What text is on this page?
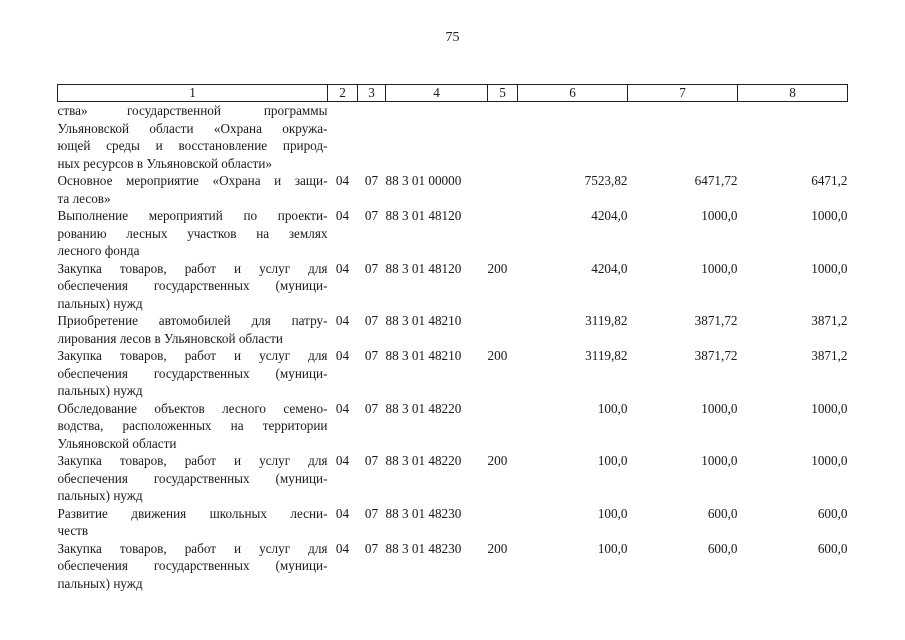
75
1	2	3	4	5	6	7	8

ства»           государственной            программы
Ульяновской области «Охрана окружа-
ющей среды и восстановление природ-
ных ресурсов в Ульяновской области»							

Основное мероприятие «Охрана и защи-
та лесов»	04	07	88 3 01 00000		7523,82	6471,72	6471,2

Выполнение мероприятий по проекти-
рованию лесных участков на землях
лесного фонда	04	07	88 3 01 48120		4204,0	1000,0	1000,0

Закупка товаров, работ и услуг для
обеспечения государственных (муници-
пальных) нужд	04	07	88 3 01 48120	200	4204,0	1000,0	1000,0

Приобретение автомобилей для патру-
лирования лесов в Ульяновской области	04	07	88 3 01 48210		3119,82	3871,72	3871,2

Закупка товаров, работ и услуг для
обеспечения государственных (муници-
пальных) нужд	04	07	88 3 01 48210	200	3119,82	3871,72	3871,2

Обследование объектов лесного семено-
водства, расположенных на территории
Ульяновской области	04	07	88 3 01 48220		100,0	1000,0	1000,0

Закупка товаров, работ и услуг для
обеспечения государственных (муници-
пальных) нужд	04	07	88 3 01 48220	200	100,0	1000,0	1000,0

Развитие движения школьных лесни-
честв	04	07	88 3 01 48230		100,0	600,0	600,0

Закупка товаров, работ и услуг для
обеспечения государственных (муници-
пальных) нужд	04	07	88 3 01 48230	200	100,0	600,0	600,0
